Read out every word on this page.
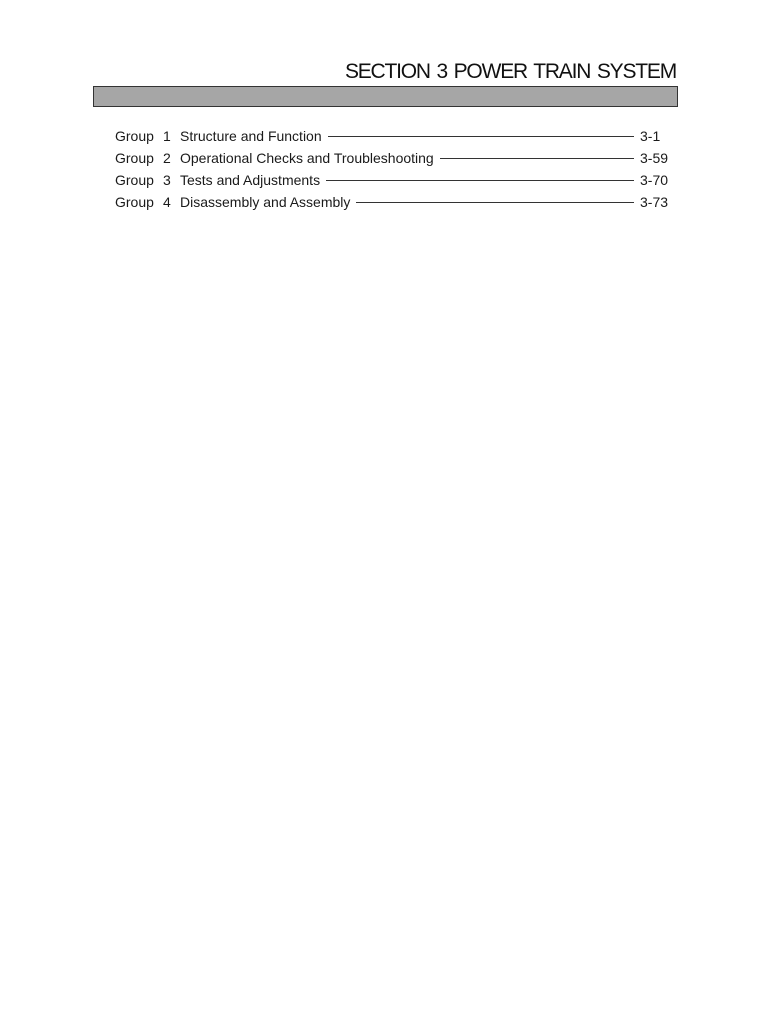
SECTION 3 POWER TRAIN SYSTEM
Group 1 Structure and Function	3-1
Group 2 Operational Checks and Troubleshooting	3-59
Group 3 Tests and Adjustments	3-70
Group 4 Disassembly and Assembly	3-73
